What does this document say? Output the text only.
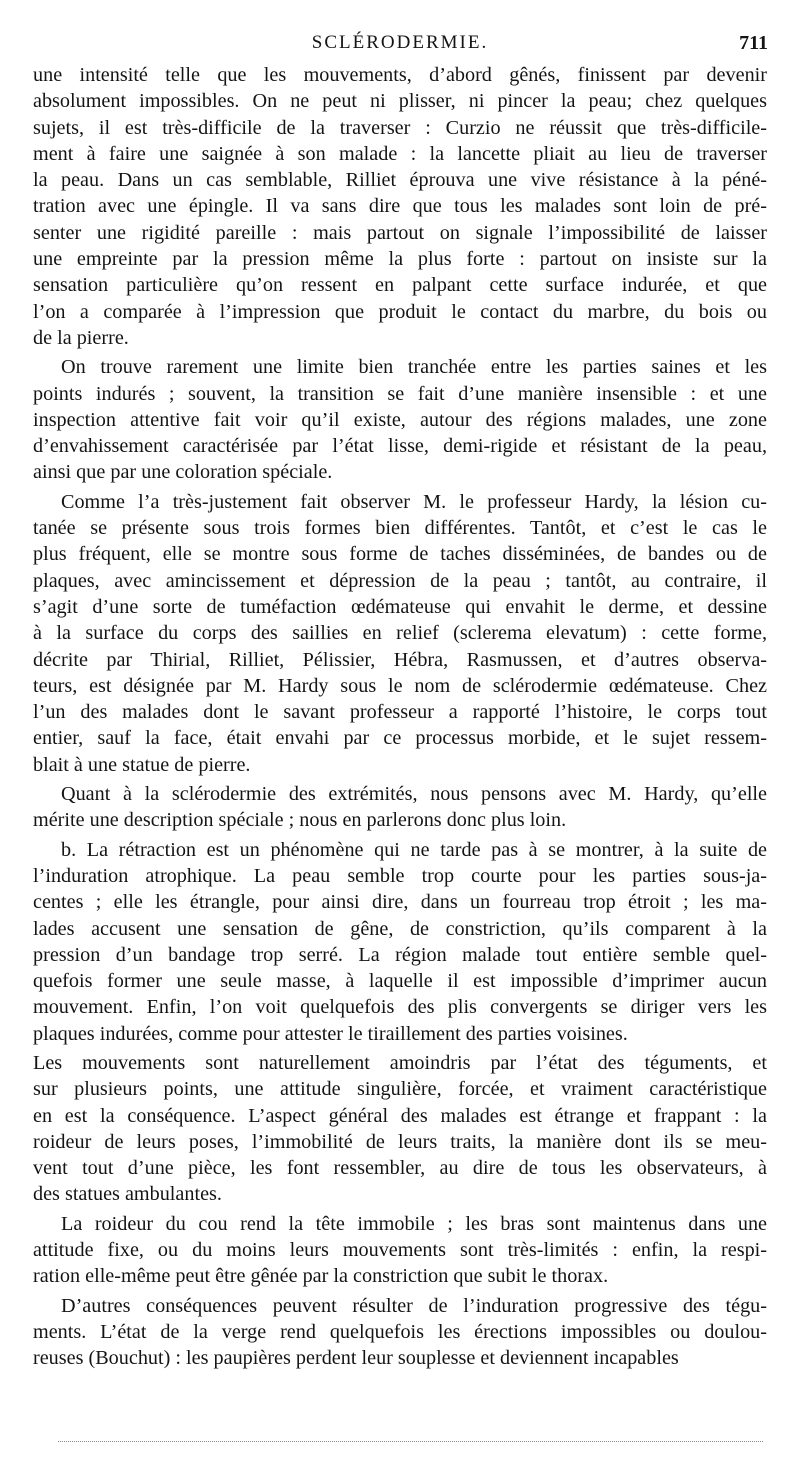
SCLÉRODERMIE.	711
une intensité telle que les mouvements, d’abord gênés, finissent par devenir
absolument impossibles. On ne peut ni plisser, ni pincer la peau; chez quelques
sujets, il est très-difficile de la traverser : Curzio ne réussit que très-difficile-
ment à faire une saignée à son malade : la lancette pliait au lieu de traverser
la peau. Dans un cas semblable, Rilliet éprouva une vive résistance à la péné-
tration avec une épingle. Il va sans dire que tous les malades sont loin de pré-
senter une rigidité pareille : mais partout on signale l’impossibilité de laisser
une empreinte par la pression même la plus forte : partout on insiste sur la
sensation particulière qu’on ressent en palpant cette surface indurée, et que
l’on a comparée à l’impression que produit le contact du marbre, du bois ou
de la pierre.
On trouve rarement une limite bien tranchée entre les parties saines et les
points indurés ; souvent, la transition se fait d’une manière insensible : et une
inspection attentive fait voir qu’il existe, autour des régions malades, une zone
d’envahissement caractérisée par l’état lisse, demi-rigide et résistant de la peau,
ainsi que par une coloration spéciale.
Comme l’a très-justement fait observer M. le professeur Hardy, la lésion cu-
tanée se présente sous trois formes bien différentes. Tantôt, et c’est le cas le
plus fréquent, elle se montre sous forme de taches disséminées, de bandes ou de
plaques, avec amincissement et dépression de la peau ; tantôt, au contraire, il
s’agit d’une sorte de tuméfaction œdémateuse qui envahit le derme, et dessine
à la surface du corps des saillies en relief (sclerema elevatum) : cette forme,
décrite par Thirial, Rilliet, Pélissier, Hébra, Rasmussen, et d’autres observa-
teurs, est désignée par M. Hardy sous le nom de sclérodermie œdémateuse. Chez
l’un des malades dont le savant professeur a rapporté l’histoire, le corps tout
entier, sauf la face, était envahi par ce processus morbide, et le sujet ressem-
blait à une statue de pierre.
Quant à la sclérodermie des extrémités, nous pensons avec M. Hardy, qu’elle
mérite une description spéciale ; nous en parlerons donc plus loin.
b. La rétraction est un phénomène qui ne tarde pas à se montrer, à la suite de
l’induration atrophique. La peau semble trop courte pour les parties sous-ja-
centes ; elle les étrangle, pour ainsi dire, dans un fourreau trop étroit ; les ma-
lades accusent une sensation de gêne, de constriction, qu’ils comparent à la
pression d’un bandage trop serré. La région malade tout entière semble quel-
quefois former une seule masse, à laquelle il est impossible d’imprimer aucun
mouvement. Enfin, l’on voit quelquefois des plis convergents se diriger vers les
plaques indurées, comme pour attester le tiraillement des parties voisines.
Les mouvements sont naturellement amoindris par l’état des téguments, et
sur plusieurs points, une attitude singulière, forcée, et vraiment caractéristique
en est la conséquence. L’aspect général des malades est étrange et frappant : la
roideur de leurs poses, l’immobilité de leurs traits, la manière dont ils se meu-
vent tout d’une pièce, les font ressembler, au dire de tous les observateurs, à
des statues ambulantes.
La roideur du cou rend la tête immobile ; les bras sont maintenus dans une
attitude fixe, ou du moins leurs mouvements sont très-limités : enfin, la respi-
ration elle-même peut être gênée par la constriction que subit le thorax.
D’autres conséquences peuvent résulter de l’induration progressive des tégu-
ments. L’état de la verge rend quelquefois les érections impossibles ou doulou-
reuses (Bouchut) : les paupières perdent leur souplesse et deviennent incapables
